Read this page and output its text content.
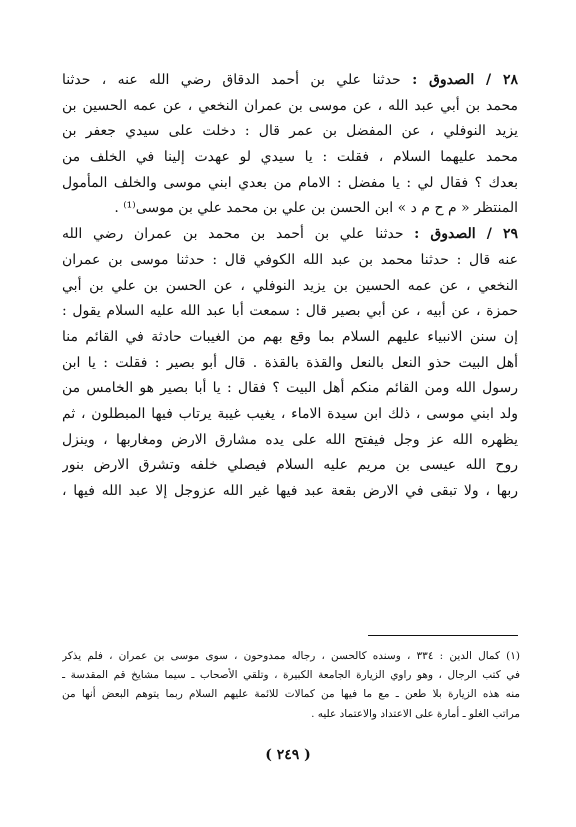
٢٨ / الصدوق : حدثنا علي بن أحمد الدقاق رضي الله عنه ، حدثنا
محمد بن أبي عبد الله ، عن موسى بن عمران النخعي ، عن عمه الحسين بن
يزيد النوفلي ، عن المفضل بن عمر قال : دخلت على سيدي جعفر بن
محمد عليهما السلام ، فقلت : يا سيدي لو عهدت إلينا في الخلف من
بعدك ؟ فقال لي : يا مفضل : الامام من بعدي ابني موسى والخلف المأمول
المنتظر « م ح م د » ابن الحسن بن علي بن محمد علي بن موسى⁽¹⁾ .
٢٩ / الصدوق : حدثنا علي بن أحمد بن محمد بن عمران رضي الله
عنه قال : حدثنا محمد بن عبد الله الكوفي قال : حدثنا موسى بن عمران
النخعي ، عن عمه الحسين بن يزيد النوفلي ، عن الحسن بن علي بن أبي
حمزة ، عن أبيه ، عن أبي بصير قال : سمعت أبا عبد الله عليه السلام يقول :
إن سنن الانبياء عليهم السلام بما وقع بهم من الغيبات حادثة في القائم منا
أهل البيت حذو النعل بالنعل والقذة بالقذة . قال أبو بصير : فقلت : يا ابن
رسول الله ومن القائم منكم أهل البيت ؟ فقال : يا أبا بصير هو الخامس من
ولد ابني موسى ، ذلك ابن سيدة الاماء ، يغيب غيبة يرتاب فيها المبطلون ، ثم
يظهره الله عز وجل فيفتح الله على يده مشارق الارض ومغاربها ، وينزل
روح الله عيسى بن مريم عليه السلام فيصلي خلفه وتشرق الارض بنور
ربها ، ولا تبقى في الارض بقعة عبد فيها غير الله عزوجل إلا عبد الله فيها ،
(١) كمال الدين : ٣٣٤ ، وسنده كالحسن ، رجاله ممدوحون ، سوى موسى بن عمران ، فلم يذكر
في كتب الرجال ، وهو راوي الزيارة الجامعة الكبيرة ، وتلقي الأصحاب ـ سيما مشايخ قم المقدسة ـ
منه هذه الزيارة بلا طعن ـ مع ما فيها من كمالات للائمة عليهم السلام ربما يتوهم البعض أنها من
مراتب الغلو ـ أمارة على الاعتداد والاعتماد عليه .
( ٢٤٩ )
